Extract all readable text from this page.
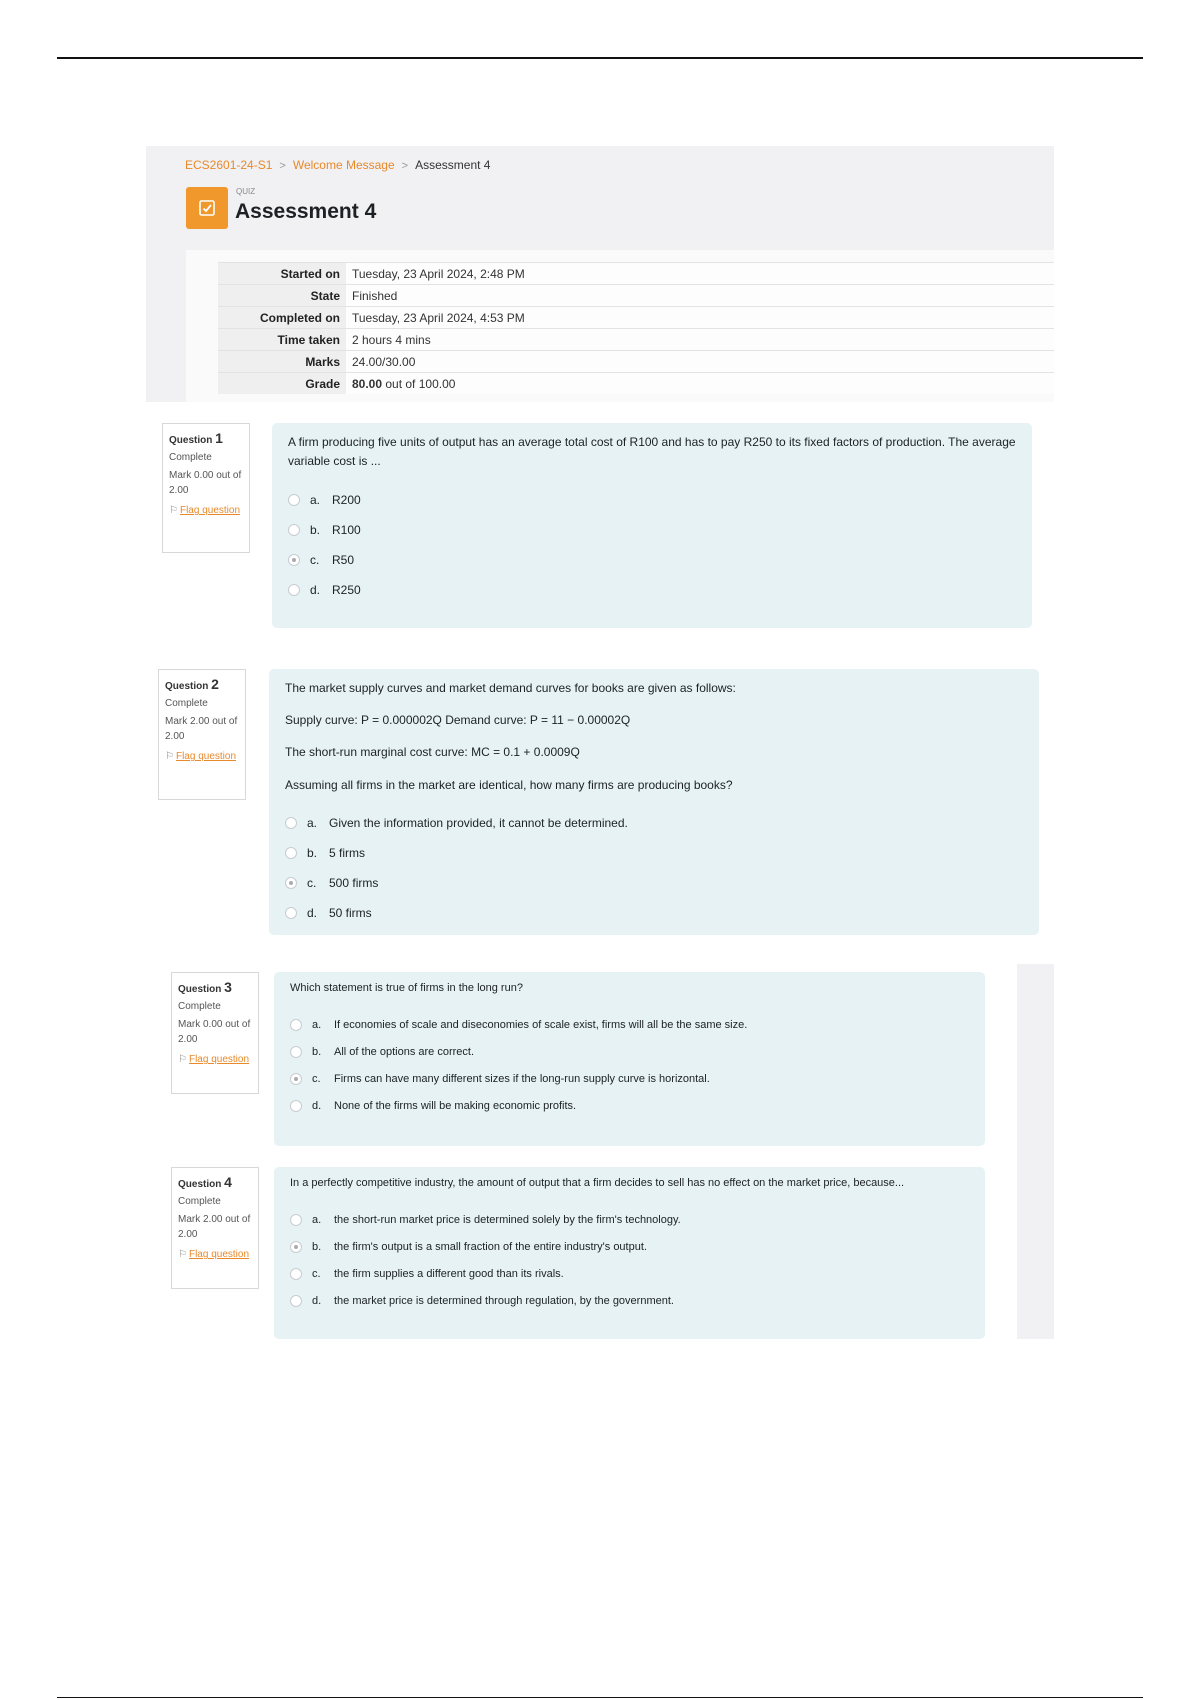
ECS2601-24-S1 > Welcome Message > Assessment 4
QUIZ
Assessment 4
Started on	Tuesday, 23 April 2024, 2:48 PM
State	Finished
Completed on	Tuesday, 23 April 2024, 4:53 PM
Time taken	2 hours 4 mins
Marks	24.00/30.00
Grade	80.00 out of 100.00
Question 1
Complete
Mark 0.00 out of 2.00
⚐ Flag question

A firm producing five units of output has an average total cost of R100 and has to pay R250 to its fixed factors of production. The average variable cost is ...

a. R200
b. R100
c.	R50
d. R250
Question 2
Complete
Mark 2.00 out of 2.00
⚐ Flag question

The market supply curves and market demand curves for books are given as follows:

Supply curve: P = 0.000002Q Demand curve: P = 11 − 0.00002Q

The short-run marginal cost curve: MC = 0.1 + 0.0009Q

Assuming all firms in the market are identical, how many firms are producing books?

a. Given the information provided, it cannot be determined.
b. 5 firms
c.	500 firms
d. 50 firms
Question 3
Complete
Mark 0.00 out of 2.00
⚐ Flag question

Which statement is true of firms in the long run?

a.	If economies of scale and diseconomies of scale exist, firms will all be the same size.
b.	All of the options are correct.
c.	Firms can have many different sizes if the long-run supply curve is horizontal.
d.	None of the firms will be making economic profits.
Question 4
Complete
Mark 2.00 out of 2.00
⚐ Flag question

In a perfectly competitive industry, the amount of output that a firm decides to sell has no effect on the market price, because...

a.	the short-run market price is determined solely by the firm's technology.
b.	the firm's output is a small fraction of the entire industry's output.
c.	the firm supplies a different good than its rivals.
d.	the market price is determined through regulation, by the government.
